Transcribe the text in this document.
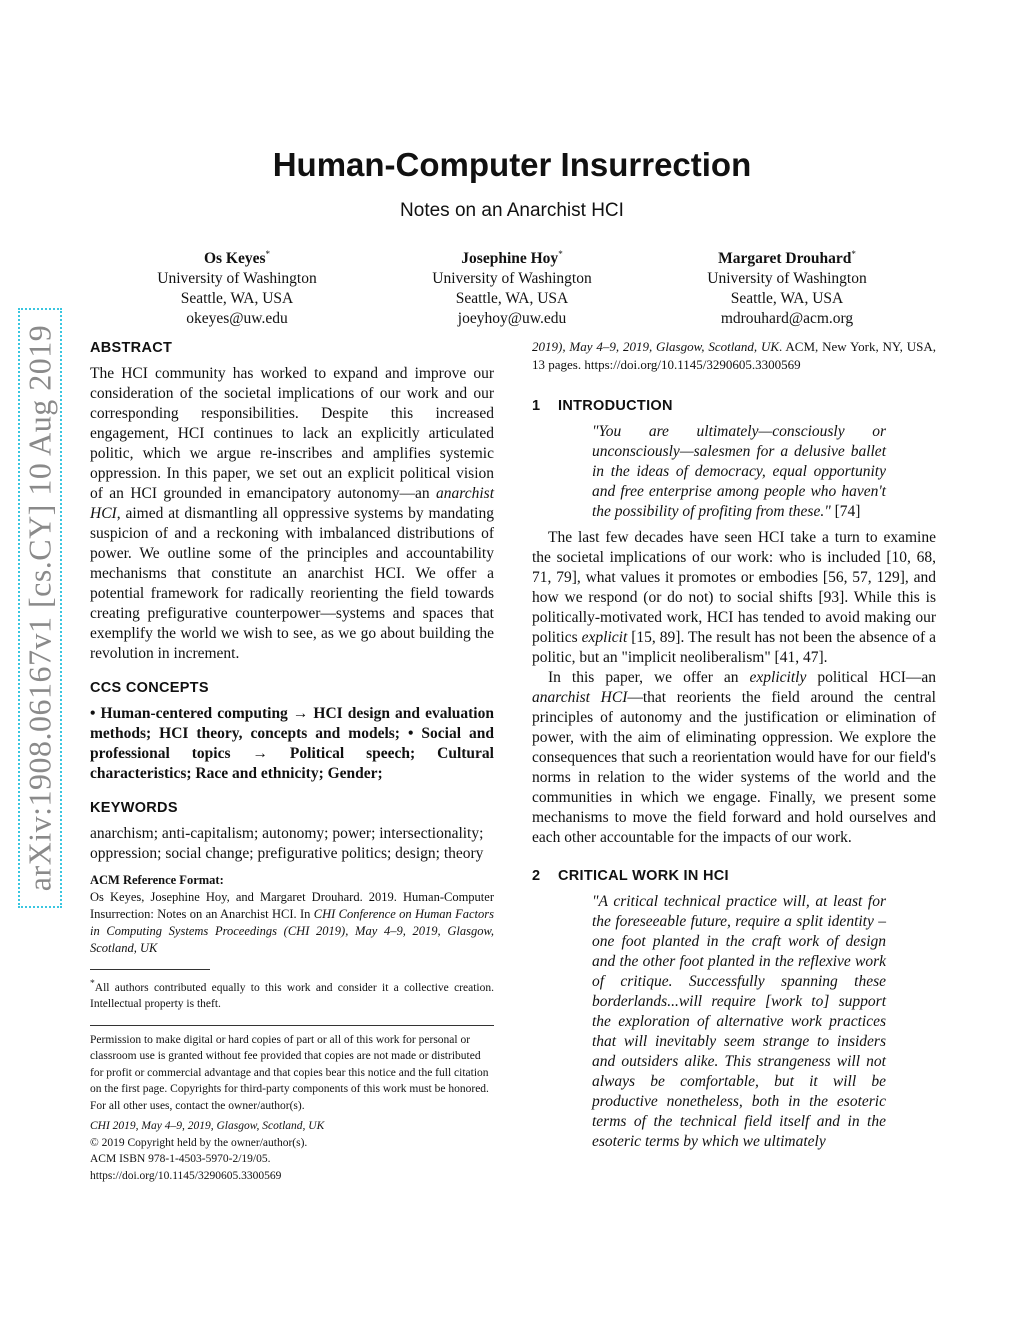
arXiv:1908.06167v1 [cs.CY] 10 Aug 2019
Human-Computer Insurrection
Notes on an Anarchist HCI
Os Keyes*
University of Washington
Seattle, WA, USA
okeyes@uw.edu
Josephine Hoy*
University of Washington
Seattle, WA, USA
joeyhoy@uw.edu
Margaret Drouhard*
University of Washington
Seattle, WA, USA
mdrouhard@acm.org
ABSTRACT

The HCI community has worked to expand and improve our consideration of the societal implications of our work and our corresponding responsibilities. Despite this increased engagement, HCI continues to lack an explicitly articulated politic, which we argue re-inscribes and amplifies systemic oppression. In this paper, we set out an explicit political vision of an HCI grounded in emancipatory autonomy—an anarchist HCI, aimed at dismantling all oppressive systems by mandating suspicion of and a reckoning with imbalanced distributions of power. We outline some of the principles and accountability mechanisms that constitute an anarchist HCI. We offer a potential framework for radically reorienting the field towards creating prefigurative counterpower—systems and spaces that exemplify the world we wish to see, as we go about building the revolution in increment.

CCS CONCEPTS

• Human-centered computing → HCI design and evaluation methods; HCI theory, concepts and models; • Social and professional topics → Political speech; Cultural characteristics; Race and ethnicity; Gender;

KEYWORDS

anarchism; anti-capitalism; autonomy; power; intersectionality; oppression; social change; prefigurative politics; design; theory

ACM Reference Format:

Os Keyes, Josephine Hoy, and Margaret Drouhard. 2019. Human-Computer Insurrection: Notes on an Anarchist HCI. In CHI Conference on Human Factors in Computing Systems Proceedings (CHI 2019), May 4–9, 2019, Glasgow, Scotland, UK

*All authors contributed equally to this work and consider it a collective creation. Intellectual property is theft.

Permission to make digital or hard copies of part or all of this work for personal or classroom use is granted without fee provided that copies are not made or distributed for profit or commercial advantage and that copies bear this notice and the full citation on the first page. Copyrights for third-party components of this work must be honored. For all other uses, contact the owner/author(s).

CHI 2019, May 4–9, 2019, Glasgow, Scotland, UK
© 2019 Copyright held by the owner/author(s).
ACM ISBN 978-1-4503-5970-2/19/05.
https://doi.org/10.1145/3290605.3300569

2019), May 4–9, 2019, Glasgow, Scotland, UK. ACM, New York, NY, USA, 13 pages. https://doi.org/10.1145/3290605.3300569

1 INTRODUCTION

"You are ultimately—consciously or unconsciously—salesmen for a delusive ballet in the ideas of democracy, equal opportunity and free enterprise among people who haven't the possibility of profiting from these." [74]

The last few decades have seen HCI take a turn to examine the societal implications of our work: who is included [10, 68, 71, 79], what values it promotes or embodies [56, 57, 129], and how we respond (or do not) to social shifts [93]. While this is politically-motivated work, HCI has tended to avoid making our politics explicit [15, 89]. The result has not been the absence of a politic, but an "implicit neoliberalism" [41, 47].

In this paper, we offer an explicitly political HCI—an anarchist HCI—that reorients the field around the central principles of autonomy and the justification or elimination of power, with the aim of eliminating oppression. We explore the consequences that such a reorientation would have for our field's norms in relation to the wider systems of the world and the communities in which we engage. Finally, we present some mechanisms to move the field forward and hold ourselves and each other accountable for the impacts of our work.

2 CRITICAL WORK IN HCI

"A critical technical practice will, at least for the foreseeable future, require a split identity – one foot planted in the craft work of design and the other foot planted in the reflexive work of critique. Successfully spanning these borderlands...will require [work to] support the exploration of alternative work practices that will inevitably seem strange to insiders and outsiders alike. This strangeness will not always be comfortable, but it will be productive nonetheless, both in the esoteric terms of the technical field itself and in the esoteric terms by which we ultimately
